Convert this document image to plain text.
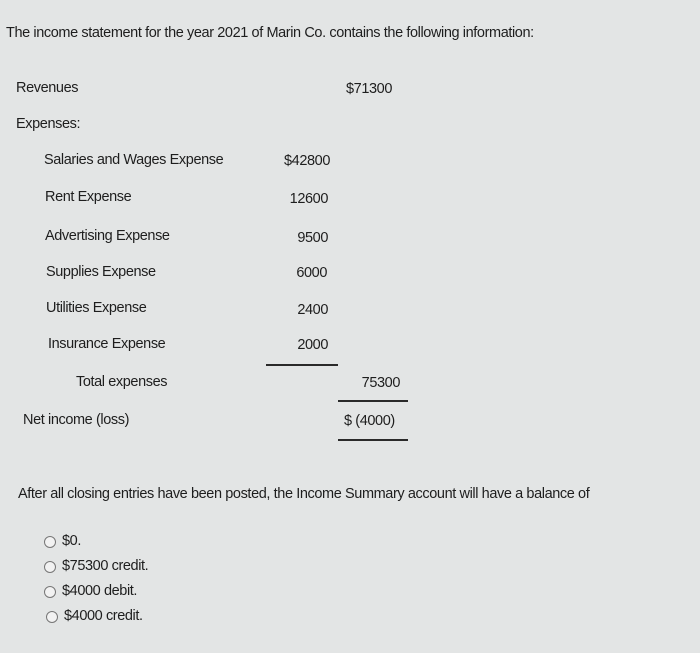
The income statement for the year 2021 of Marin Co. contains the following information:
Revenues	$71300
Expenses:
Salaries and Wages Expense	$42800
Rent Expense	12600
Advertising Expense	9500
Supplies Expense	6000
Utilities Expense	2400
Insurance Expense	2000
Total expenses	75300
Net income (loss)	$ (4000)
After all closing entries have been posted, the Income Summary account will have a balance of
$0.
$75300 credit.
$4000 debit.
$4000 credit.
